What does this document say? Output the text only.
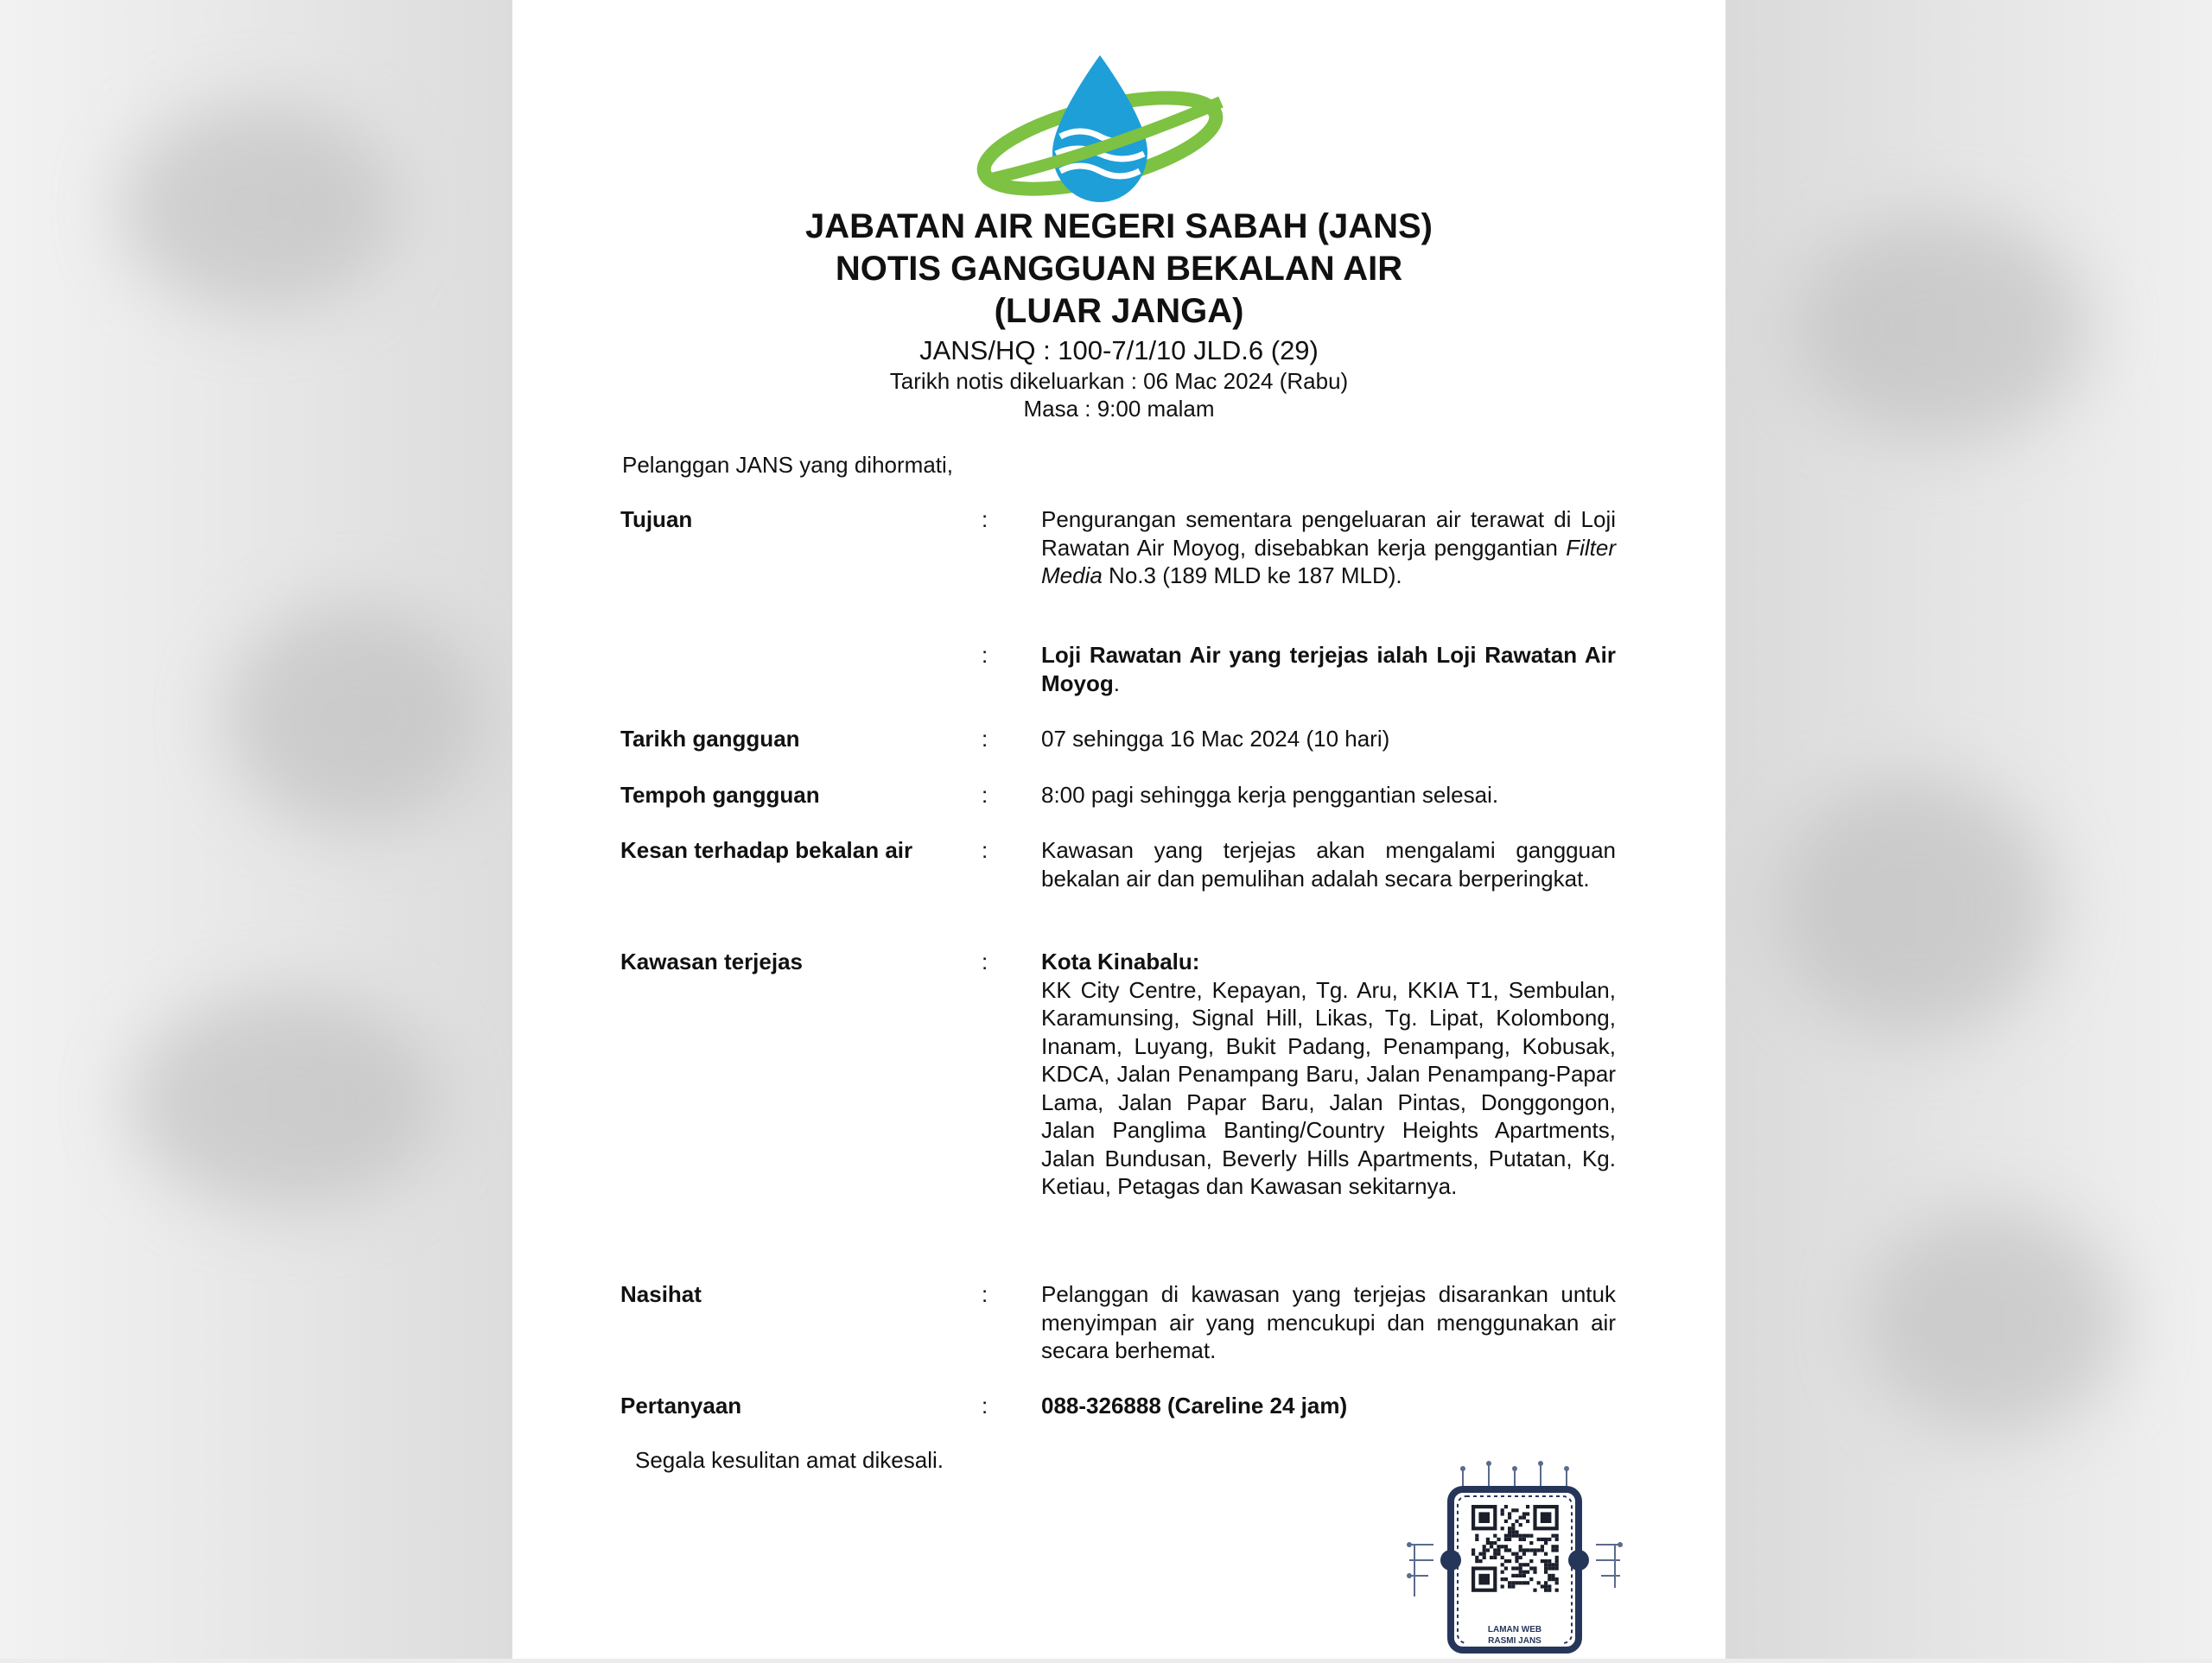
JABATAN AIR NEGERI SABAH (JANS)
NOTIS GANGGUAN BEKALAN AIR
(LUAR JANGA)
JANS/HQ : 100-7/1/10 JLD.6 (29)
Tarikh notis dikeluarkan : 06 Mac 2024 (Rabu)
Masa : 9:00 malam
Pelanggan JANS yang dihormati,
Tujuan	: Pengurangan sementara pengeluaran air terawat di Loji Rawatan Air Moyog, disebabkan kerja penggantian Filter Media No.3 (189 MLD ke 187 MLD).
: Loji Rawatan Air yang terjejas ialah Loji Rawatan Air Moyog.
Tarikh gangguan	: 07 sehingga 16 Mac 2024 (10 hari)
Tempoh gangguan	: 8:00 pagi sehingga kerja penggantian selesai.
Kesan terhadap bekalan air	: Kawasan yang terjejas akan mengalami gangguan bekalan air dan pemulihan adalah secara berperingkat.
Kawasan terjejas	: Kota Kinabalu:
KK City Centre, Kepayan, Tg. Aru, KKIA T1, Sembulan, Karamunsing, Signal Hill, Likas, Tg. Lipat, Kolombong, Inanam, Luyang, Bukit Padang, Penampang, Kobusak, KDCA, Jalan Penampang Baru, Jalan Penampang-Papar Lama, Jalan Papar Baru, Jalan Pintas, Donggongon, Jalan Panglima Banting/Country Heights Apartments, Jalan Bundusan, Beverly Hills Apartments, Putatan, Kg. Ketiau, Petagas dan Kawasan sekitarnya.
Nasihat	: Pelanggan di kawasan yang terjejas disarankan untuk menyimpan air yang mencukupi dan menggunakan air secara berhemat.
Pertanyaan	: 088-326888 (Careline 24 jam)
Segala kesulitan amat dikesali.
LAMAN WEB
RASMI JANS
